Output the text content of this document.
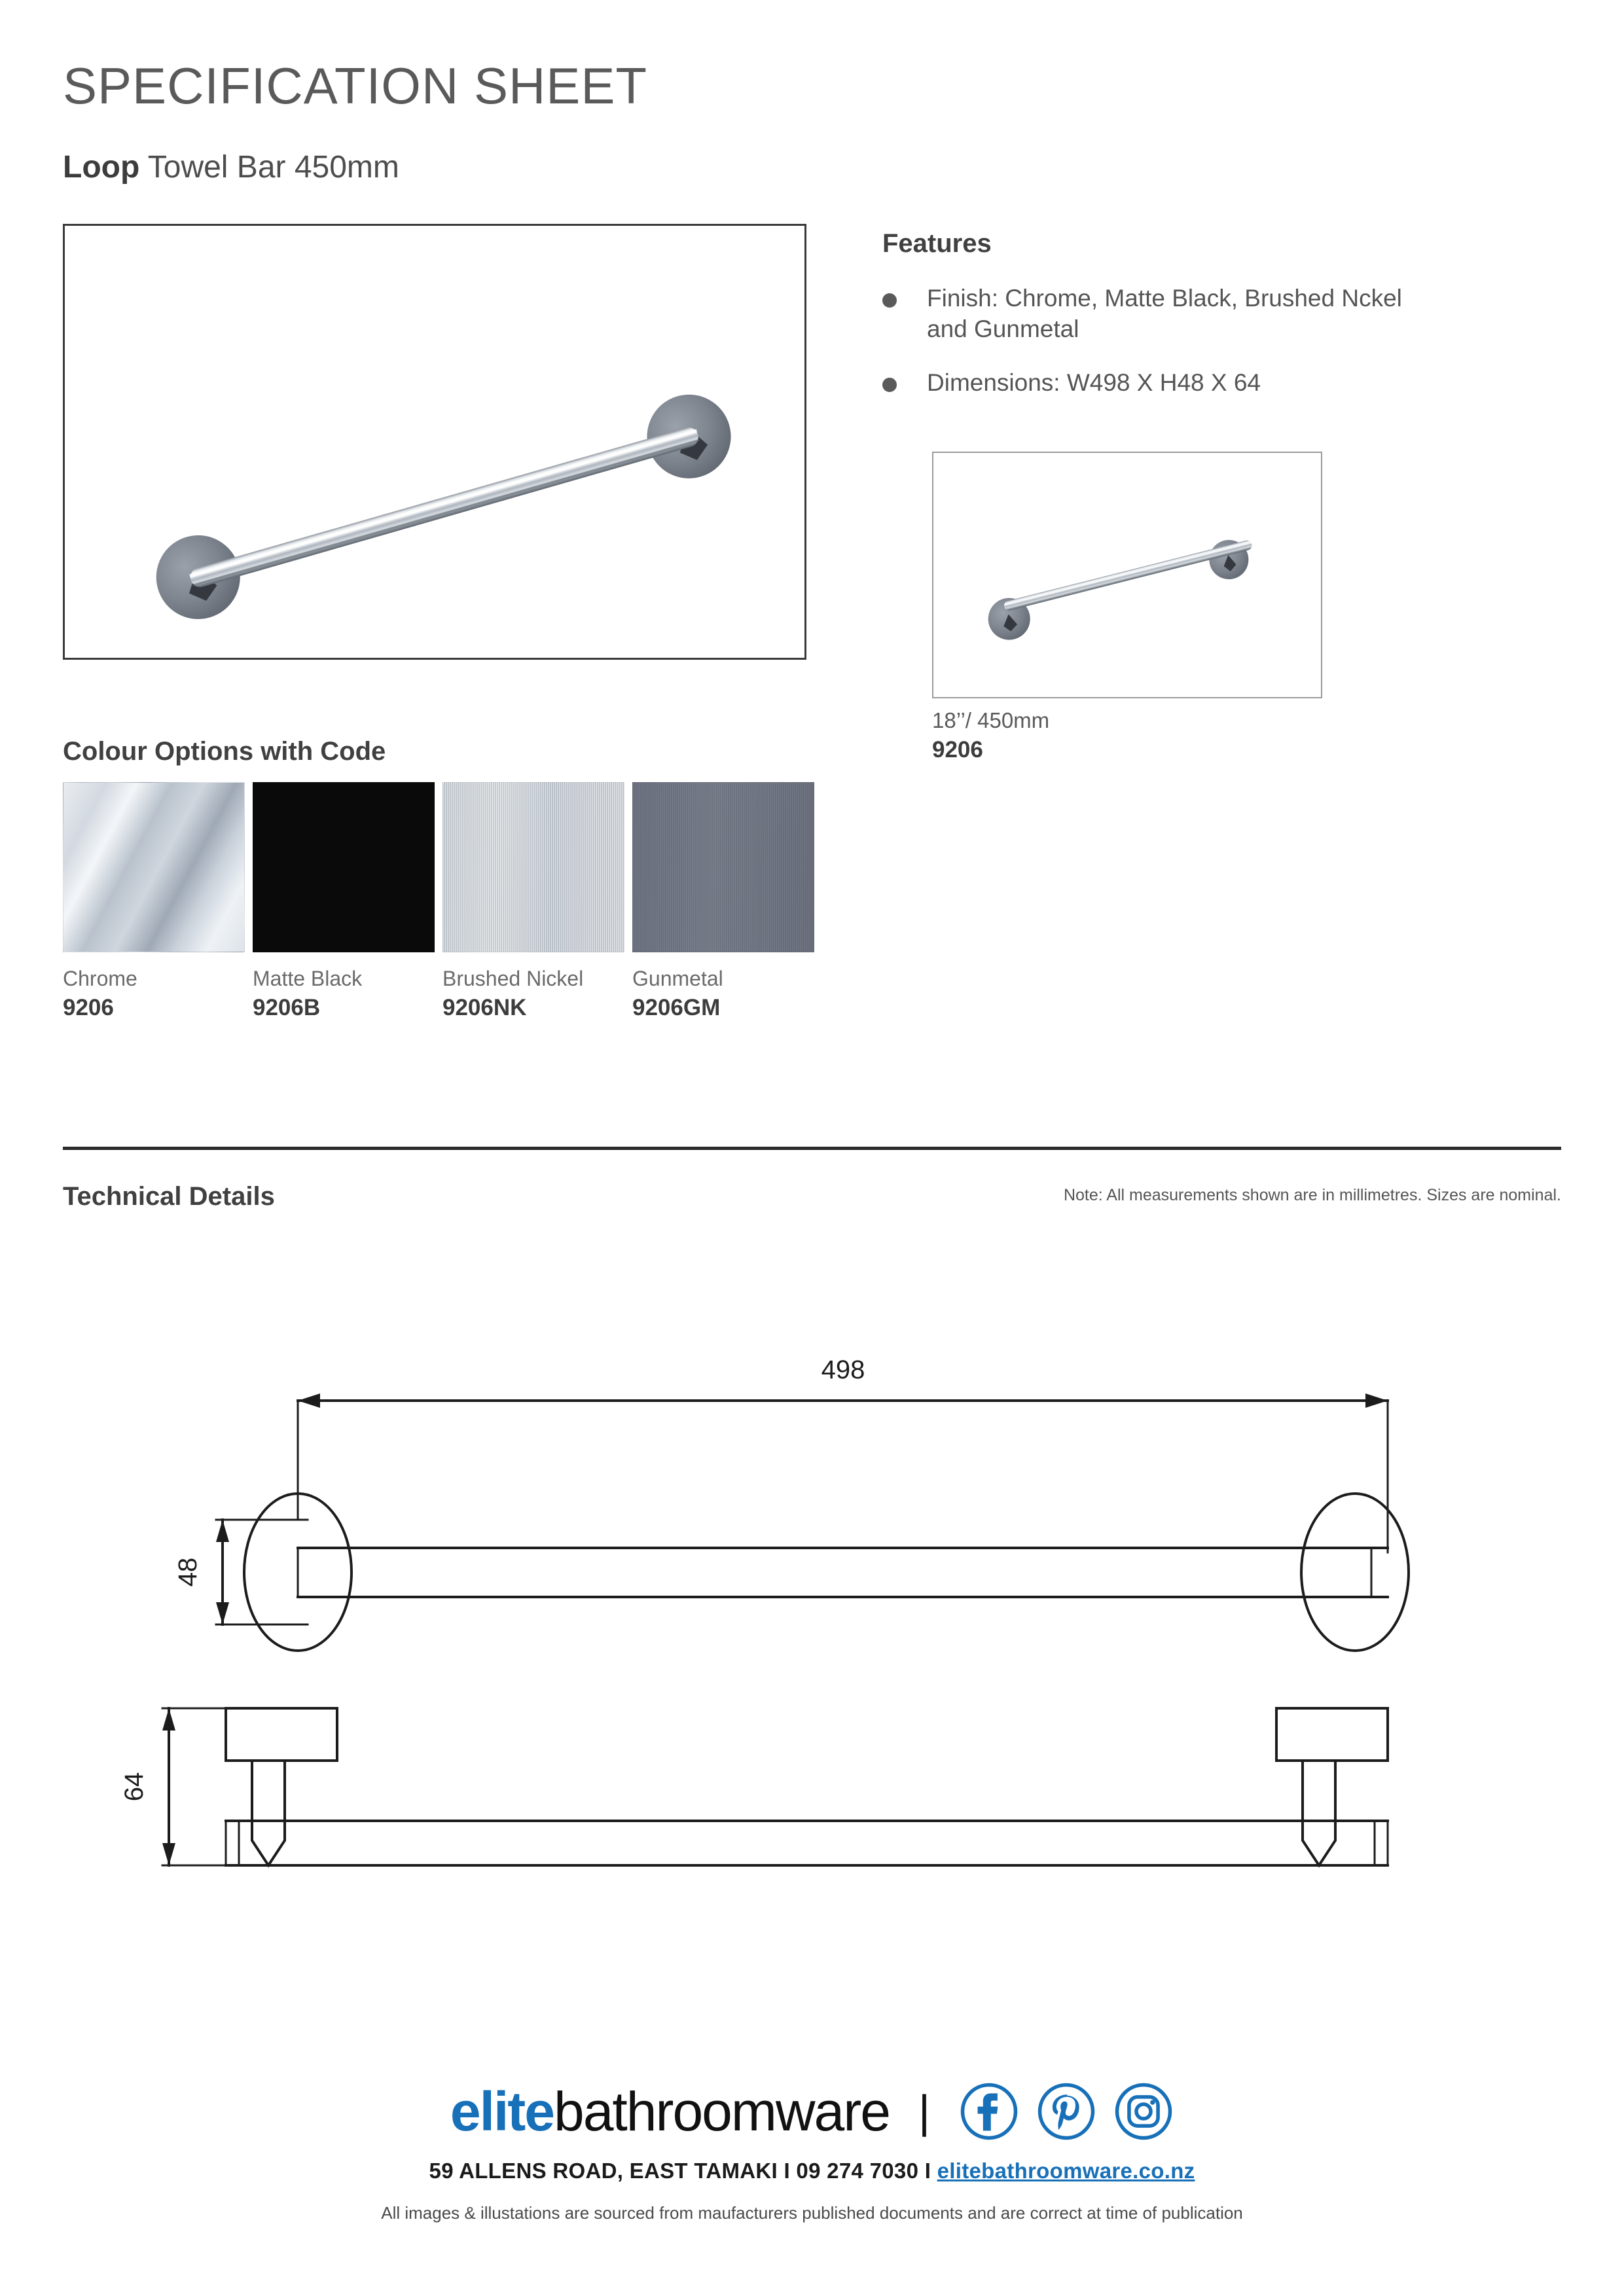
SPECIFICATION SHEET
Loop Towel Bar 450mm
Features
Finish: Chrome, Matte Black, Brushed Nckel and Gunmetal
Dimensions: W498 X H48 X 64
18’’/ 450mm
9206
Colour Options with Code
Chrome
9206
Matte Black
9206B
Brushed Nickel
9206NK
Gunmetal
9206GM
Technical Details	Note: All measurements shown are in millimetres. Sizes are nominal.
498
48
64
elitebathroomware |
59 ALLENS ROAD, EAST TAMAKI I 09 274 7030 I elitebathroomware.co.nz
All images & illustations are sourced from maufacturers published documents and are correct at time of publication
